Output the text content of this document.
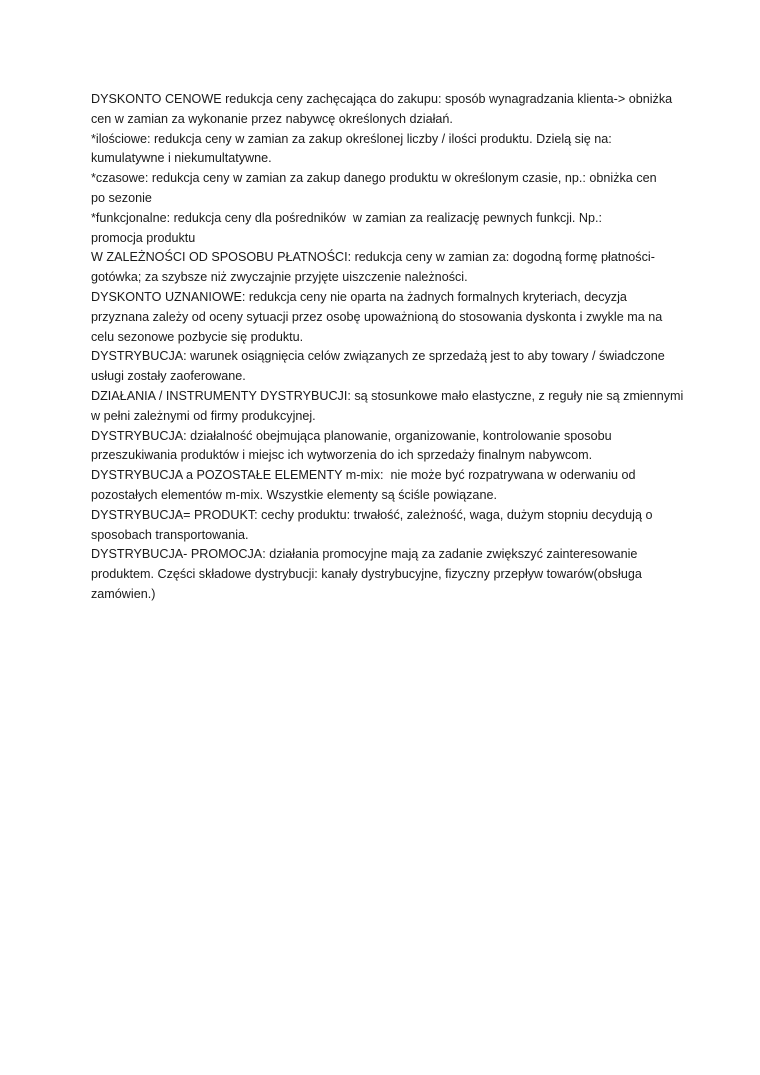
DYSKONTO CENOWE redukcja ceny zachęcająca do zakupu: sposób wynagradzania klienta-> obniżka
cen w zamian za wykonanie przez nabywcę określonych działań.
*ilościowe: redukcja ceny w zamian za zakup określonej liczby / ilości produktu. Dzielą się na:
kumulatywne i niekumultatywne.
*czasowe: redukcja ceny w zamian za zakup danego produktu w określonym czasie, np.: obniżka cen
po sezonie
*funkcjonalne: redukcja ceny dla pośredników  w zamian za realizację pewnych funkcji. Np.:
promocja produktu
W ZALEŻNOŚCI OD SPOSOBU PŁATNOŚCI: redukcja ceny w zamian za: dogodną formę płatności-
gotówka; za szybsze niż zwyczajnie przyjęte uiszczenie należności.
DYSKONTO UZNANIOWE: redukcja ceny nie oparta na żadnych formalnych kryteriach, decyzja
przyznana zależy od oceny sytuacji przez osobę upoważnioną do stosowania dyskonta i zwykle ma na
celu sezonowe pozbycie się produktu.
DYSTRYBUCJA: warunek osiągnięcia celów związanych ze sprzedażą jest to aby towary / świadczone
usługi zostały zaoferowane.
DZIAŁANIA / INSTRUMENTY DYSTRYBUCJI: są stosunkowe mało elastyczne, z reguły nie są zmiennymi
w pełni zależnymi od firmy produkcyjnej.
DYSTRYBUCJA: działalność obejmująca planowanie, organizowanie, kontrolowanie sposobu
przeszukiwania produktów i miejsc ich wytworzenia do ich sprzedaży finalnym nabywcom.
DYSTRYBUCJA a POZOSTAŁE ELEMENTY m-mix:  nie może być rozpatrywana w oderwaniu od
pozostałych elementów m-mix. Wszystkie elementy są ściśle powiązane.
DYSTRYBUCJA= PRODUKT: cechy produktu: trwałość, zależność, waga, dużym stopniu decydują o
sposobach transportowania.
DYSTRYBUCJA- PROMOCJA: działania promocyjne mają za zadanie zwiększyć zainteresowanie
produktem. Części składowe dystrybucji: kanały dystrybucyjne, fizyczny przepływ towarów(obsługa
zamówien.)
